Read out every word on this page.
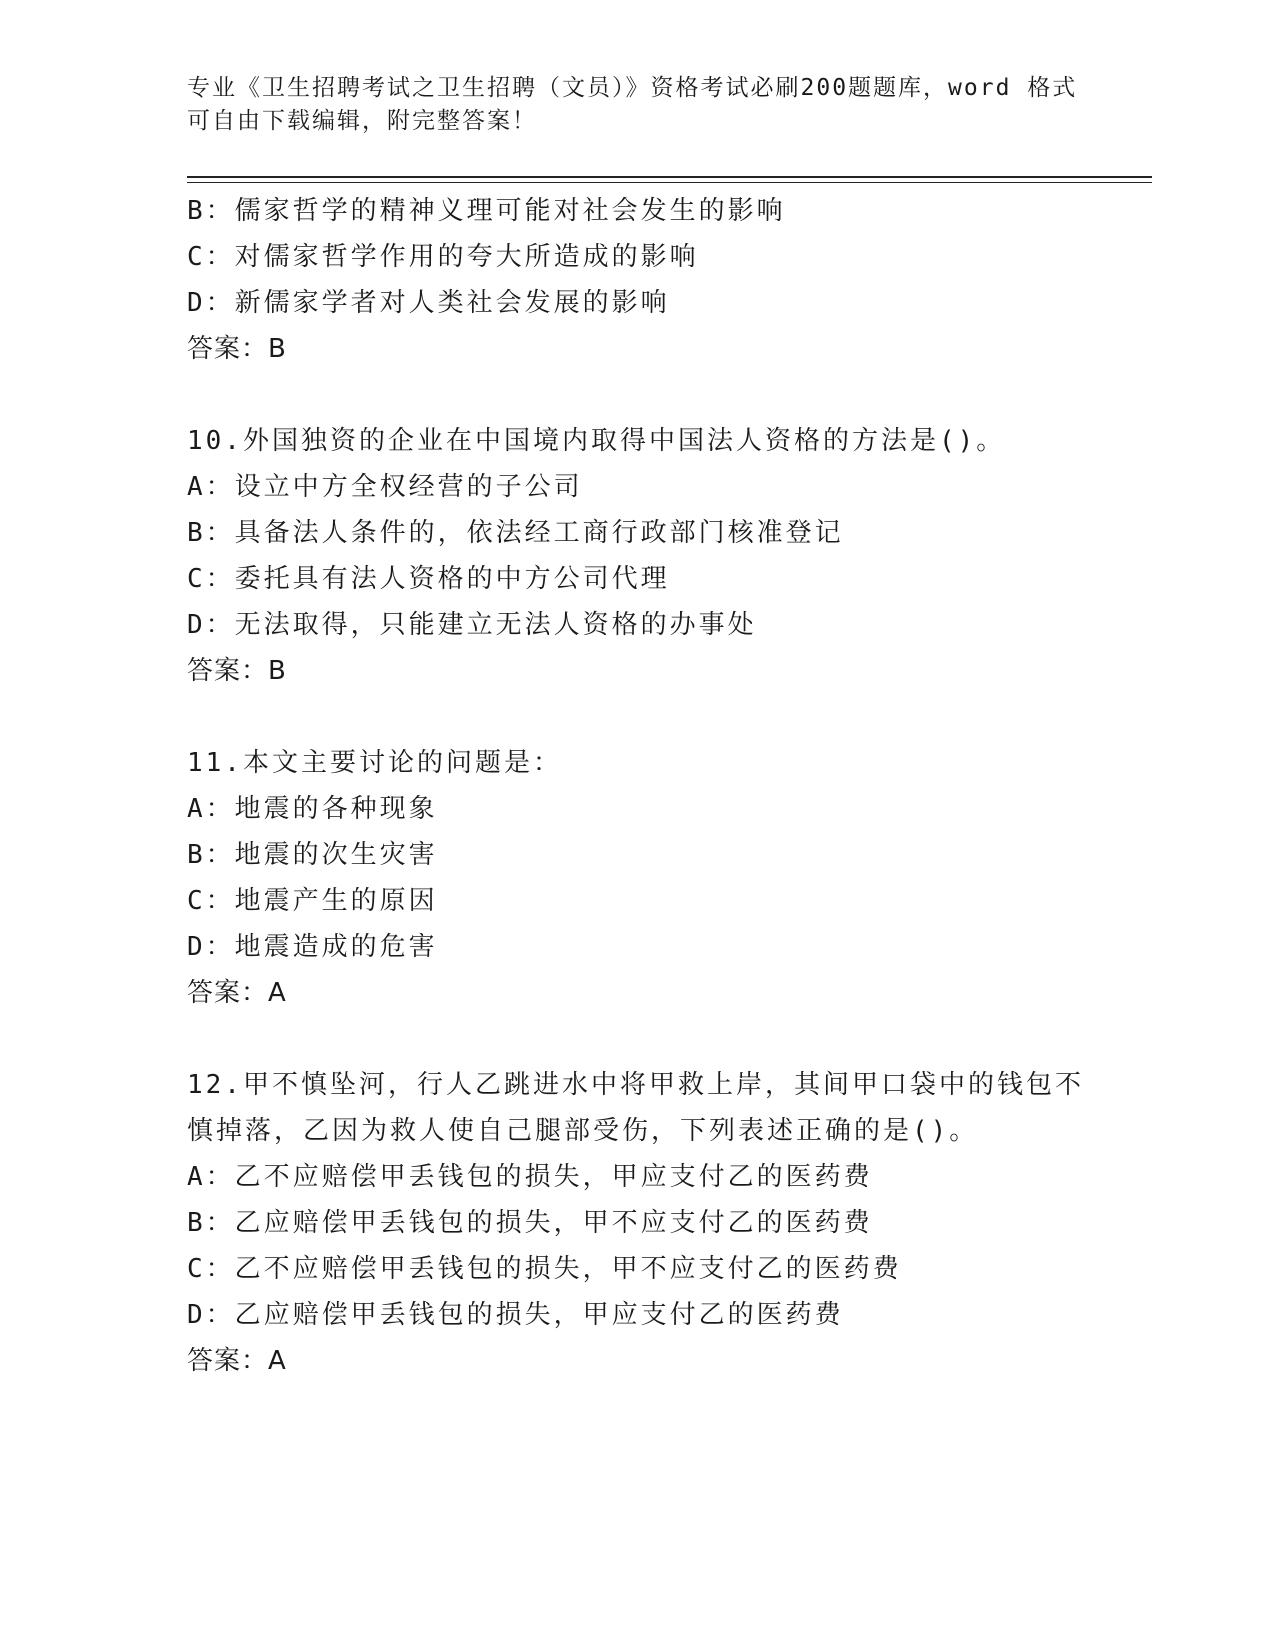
专业《卫生招聘考试之卫生招聘（文员）》资格考试必刷200题题库，word 格式
可自由下载编辑，附完整答案！
B：儒家哲学的精神义理可能对社会发生的影响
C：对儒家哲学作用的夸大所造成的影响
D：新儒家学者对人类社会发展的影响
答案：B
10.外国独资的企业在中国境内取得中国法人资格的方法是()。
A：设立中方全权经营的子公司
B：具备法人条件的，依法经工商行政部门核准登记
C：委托具有法人资格的中方公司代理
D：无法取得，只能建立无法人资格的办事处
答案：B
11.本文主要讨论的问题是：
A：地震的各种现象
B：地震的次生灾害
C：地震产生的原因
D：地震造成的危害
答案：A
12.甲不慎坠河，行人乙跳进水中将甲救上岸，其间甲口袋中的钱包不
慎掉落，乙因为救人使自己腿部受伤，下列表述正确的是()。
A：乙不应赔偿甲丢钱包的损失，甲应支付乙的医药费
B：乙应赔偿甲丢钱包的损失，甲不应支付乙的医药费
C：乙不应赔偿甲丢钱包的损失，甲不应支付乙的医药费
D：乙应赔偿甲丢钱包的损失，甲应支付乙的医药费
答案：A
